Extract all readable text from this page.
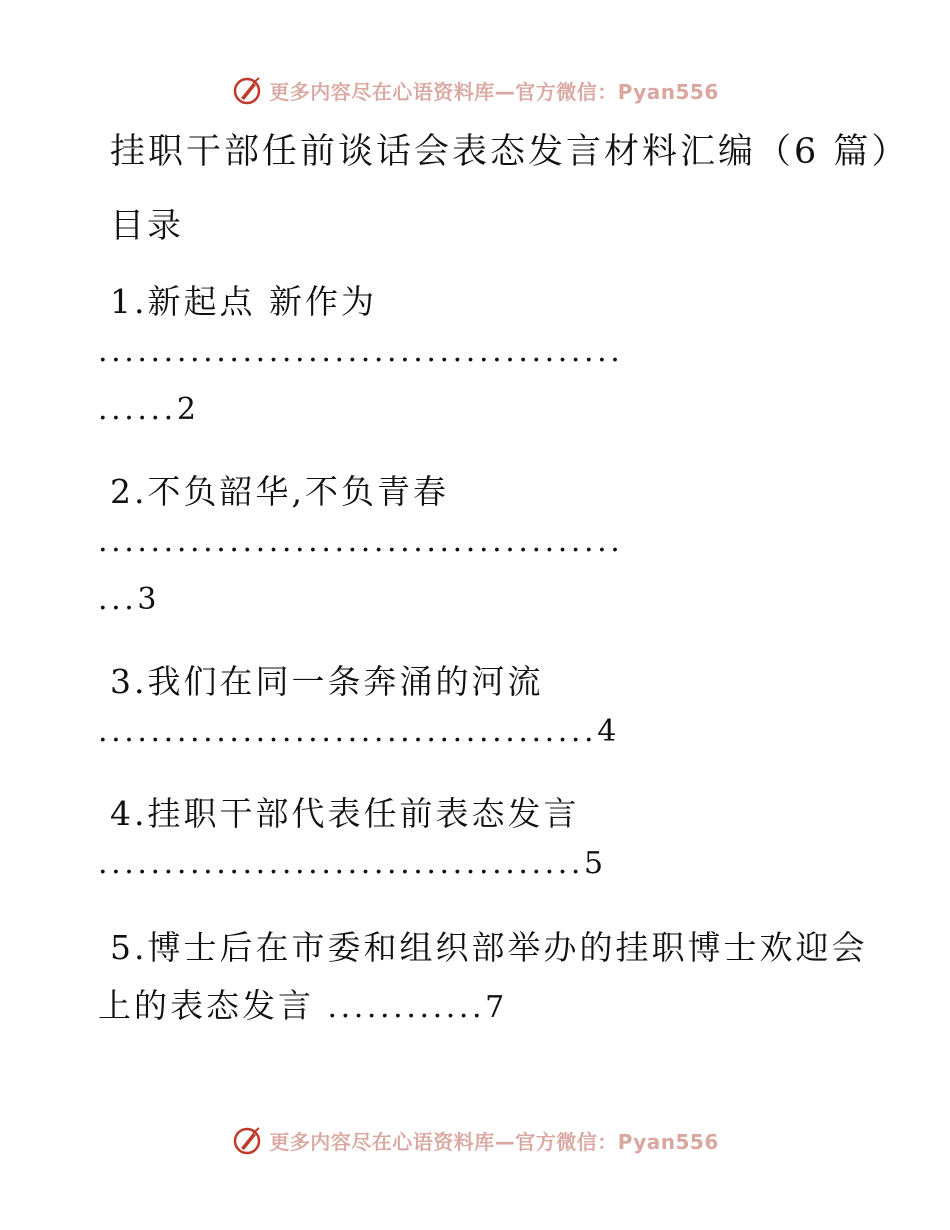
更多内容尽在心语资料库—官方微信：Pyan556
挂职干部任前谈话会表态发言材料汇编（6 篇）
目录
1.新起点 新作为
........................................
......2
2.不负韶华,不负青春
........................................
...3
3.我们在同一条奔涌的河流
......................................4
4.挂职干部代表任前表态发言
.....................................5
5.博士后在市委和组织部举办的挂职博士欢迎会
上的表态发言 ............7
更多内容尽在心语资料库—官方微信：Pyan556
